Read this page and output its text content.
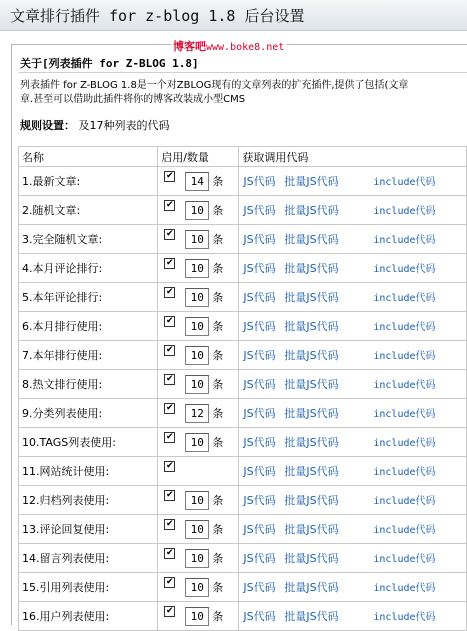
文章排行插件 for z-blog 1.8 后台设置
博客吧www.boke8.net
关于[列表插件 for Z-BLOG 1.8]
列表插件 for Z-BLOG 1.8是一个对ZBLOG现有的文章列表的扩充插件,提供了包括(文章
章.甚至可以借助此插件将你的博客改装成小型CMS
规则设置： 及17种列表的代码
名称	启用/数量	获取调用代码
1.最新文章:	✔ 14 条	JS代码 批量JS代码 include代码
2.随机文章:	✔ 10 条	JS代码 批量JS代码 include代码
3.完全随机文章:	✔ 10 条	JS代码 批量JS代码 include代码
4.本月评论排行:	✔ 10 条	JS代码 批量JS代码 include代码
5.本年评论排行:	✔ 10 条	JS代码 批量JS代码 include代码
6.本月排行使用:	✔ 10 条	JS代码 批量JS代码 include代码
7.本年排行使用:	✔ 10 条	JS代码 批量JS代码 include代码
8.热文排行使用:	✔ 10 条	JS代码 批量JS代码 include代码
9.分类列表使用:	✔ 12 条	JS代码 批量JS代码 include代码
10.TAGS列表使用:	✔ 10 条	JS代码 批量JS代码 include代码
11.网站统计使用:	✔	JS代码 批量JS代码 include代码
12.归档列表使用:	✔ 10 条	JS代码 批量JS代码 include代码
13.评论回复使用:	✔ 10 条	JS代码 批量JS代码 include代码
14.留言列表使用:	✔ 10 条	JS代码 批量JS代码 include代码
15.引用列表使用:	✔ 10 条	JS代码 批量JS代码 include代码
16.用户列表使用:	✔ 10 条	JS代码 批量JS代码 include代码
